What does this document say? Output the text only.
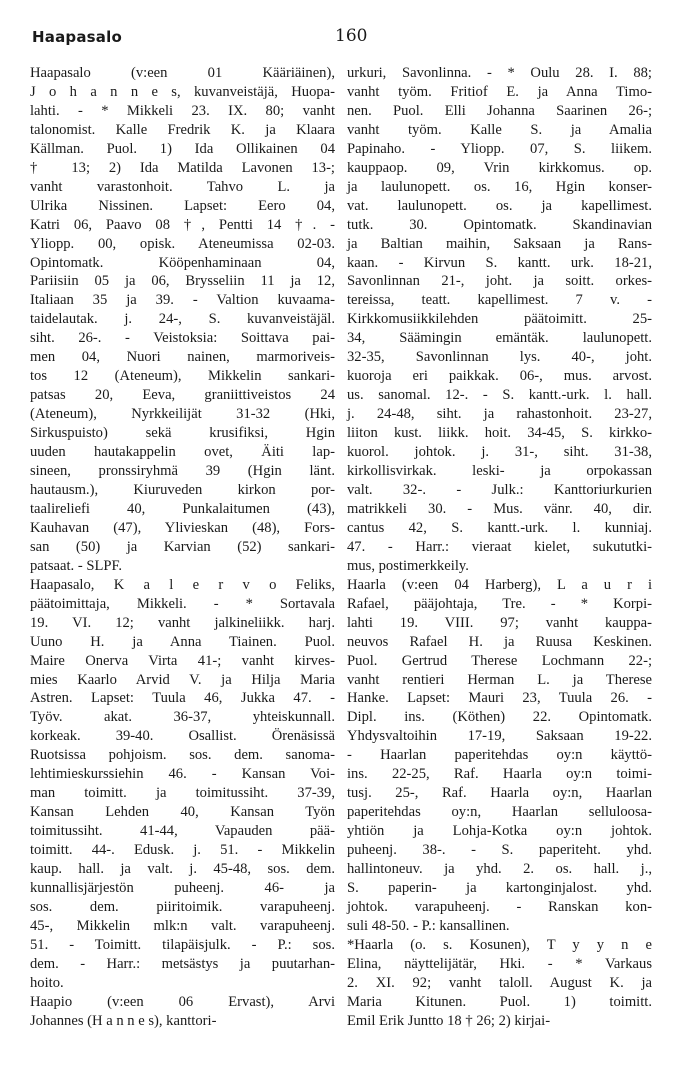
Haapasalo	160
Haapasalo (v:een 01 Kääriäinen),
J o h a n n e s, kuvanveistäjä, Huopa-
lahti. - * Mikkeli 23. IX. 80; vanht
talonomist. Kalle Fredrik K. ja Klaara
Källman. Puol. 1) Ida Ollikainen 04
† 13; 2) Ida Matilda Lavonen 13-;
vanht varastonhoit. Tahvo L. ja
Ulrika Nissinen. Lapset: Eero 04,
Katri 06, Paavo 08 †, Pentti 14 †. -
Yliopp. 00, opisk. Ateneumissa 02-03.
Opintomatk. Kööpenhaminaan 04,
Pariisiin 05 ja 06, Brysseliin 11 ja 12,
Italiaan 35 ja 39. - Valtion kuvaama-
taidelautak. j. 24-, S. kuvanveistäjäl.
siht. 26-. - Veistoksia: Soittava pai-
men 04, Nuori nainen, marmoriveis-
tos 12 (Ateneum), Mikkelin sankari-
patsas 20, Eeva, graniittiveistos 24
(Ateneum), Nyrkkeilijät 31-32 (Hki,
Sirkuspuisto) sekä krusifiksi, Hgin
uuden hautakappelin ovet, Äiti lap-
sineen, pronssiryhmä 39 (Hgin länt.
hautausm.), Kiuruveden kirkon por-
taalireliefi 40, Punkalaitumen (43),
Kauhavan (47), Ylivieskan (48), Fors-
san (50) ja Karvian (52) sankari-
patsaat. - SLPF.
Haapasalo, K a l e r v o Feliks,
päätoimittaja, Mikkeli. - * Sortavala
19. VI. 12; vanht jalkineliikk. harj.
Uuno H. ja Anna Tiainen. Puol.
Maire Onerva Virta 41-; vanht kirves-
mies Kaarlo Arvid V. ja Hilja Maria
Astren. Lapset: Tuula 46, Jukka 47. -
Työv. akat. 36-37, yhteiskunnall.
korkeak. 39-40. Osallist. Örenäsissä
Ruotsissa pohjoism. sos. dem. sanoma-
lehtimieskurssiehin 46. - Kansan Voi-
man toimitt. ja toimitussiht. 37-39,
Kansan Lehden 40, Kansan Työn
toimitussiht. 41-44, Vapauden pää-
toimitt. 44-. Edusk. j. 51. - Mikkelin
kaup. hall. ja valt. j. 45-48, sos. dem.
kunnallisjärjestön puheenj. 46- ja
sos. dem. piiritoimik. varapuheenj.
45-, Mikkelin mlk:n valt. varapuheenj.
51. - Toimitt. tilapäisjulk. - P.: sos.
dem. - Harr.: metsästys ja puutarhan-
hoito.
Haapio (v:een 06 Ervast), Arvi
Johannes (H a n n e s), kanttori-
urkuri, Savonlinna. - * Oulu 28. I. 88;
vanht työm. Fritiof E. ja Anna Timo-
nen. Puol. Elli Johanna Saarinen 26-;
vanht työm. Kalle S. ja Amalia
Papinaho. - Yliopp. 07, S. liikem.
kauppaop. 09, Vrin kirkkomus. op.
ja laulunopett. os. 16, Hgin konser-
vat. laulunopett. os. ja kapellimest.
tutk. 30. Opintomatk. Skandinavian
ja Baltian maihin, Saksaan ja Rans-
kaan. - Kirvun S. kantt. urk. 18-21,
Savonlinnan 21-, joht. ja soitt. orkes-
tereissa, teatt. kapellimest. 7 v. -
Kirkkomusiikkilehden päätoimitt. 25-
34, Säämingin emäntäk. laulunopett.
32-35, Savonlinnan lys. 40-, joht.
kuoroja eri paikkak. 06-, mus. arvost.
us. sanomal. 12-. - S. kantt.-urk. l. hall.
j. 24-48, siht. ja rahastonhoit. 23-27,
liiton kust. liikk. hoit. 34-45, S. kirkko-
kuorol. johtok. j. 31-, siht. 31-38,
kirkollisvirkak. leski- ja orpokassan
valt. 32-. - Julk.: Kanttoriurkurien
matrikkeli 30. - Mus. vänr. 40, dir.
cantus 42, S. kantt.-urk. l. kunniaj.
47. - Harr.: vieraat kielet, sukututki-
mus, postimerkkeily.
Haarla (v:een 04 Harberg), L a u r i
Rafael, pääjohtaja, Tre. - * Korpi-
lahti 19. VIII. 97; vanht kauppa-
neuvos Rafael H. ja Ruusa Keskinen.
Puol. Gertrud Therese Lochmann 22-;
vanht rentieri Herman L. ja Therese
Hanke. Lapset: Mauri 23, Tuula 26. -
Dipl. ins. (Köthen) 22. Opintomatk.
Yhdysvaltoihin 17-19, Saksaan 19-22.
- Haarlan paperitehdas oy:n käyttö-
ins. 22-25, Raf. Haarla oy:n toimi-
tusj. 25-, Raf. Haarla oy:n, Haarlan
paperitehdas oy:n, Haarlan selluloosa-
yhtiön ja Lohja-Kotka oy:n johtok.
puheenj. 38-. - S. paperiteht. yhd.
hallintoneuv. ja yhd. 2. os. hall. j.,
S. paperin- ja kartonginjalost. yhd.
johtok. varapuheenj. - Ranskan kon-
suli 48-50. - P.: kansallinen.
*Haarla (o. s. Kosunen), T y y n e
Elina, näyttelijätär, Hki. - * Varkaus
2. XI. 92; vanht taloll. August K. ja
Maria Kitunen. Puol. 1) toimitt.
Emil Erik Juntto 18 † 26; 2) kirjai-
